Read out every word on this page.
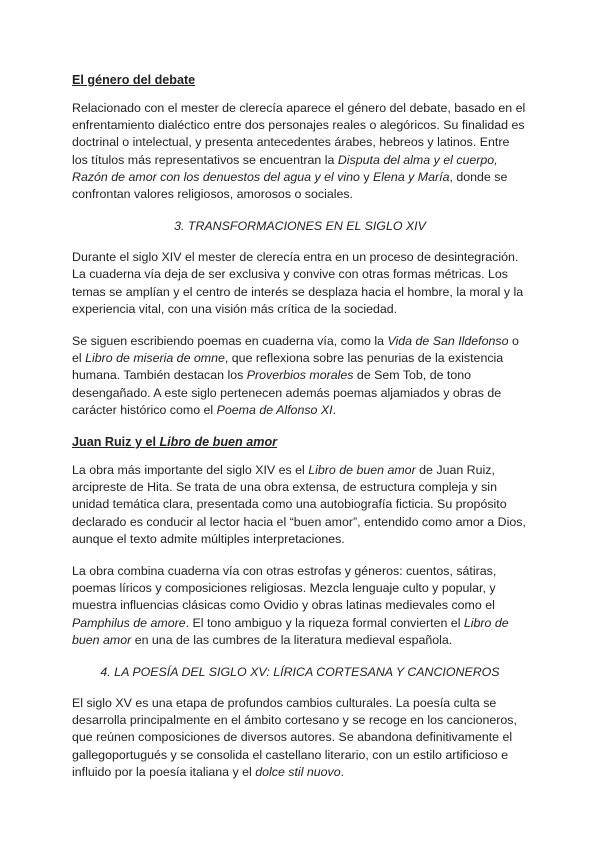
El género del debate

Relacionado con el mester de clerecía aparece el género del debate, basado en el enfrentamiento dialéctico entre dos personajes reales o alegóricos. Su finalidad es doctrinal o intelectual, y presenta antecedentes árabes, hebreos y latinos. Entre los títulos más representativos se encuentran la Disputa del alma y el cuerpo, Razón de amor con los denuestos del agua y el vino y Elena y María, donde se confrontan valores religiosos, amorosos o sociales.

3. TRANSFORMACIONES EN EL SIGLO XIV

Durante el siglo XIV el mester de clerecía entra en un proceso de desintegración. La cuaderna vía deja de ser exclusiva y convive con otras formas métricas. Los temas se amplían y el centro de interés se desplaza hacia el hombre, la moral y la experiencia vital, con una visión más crítica de la sociedad.

Se siguen escribiendo poemas en cuaderna vía, como la Vida de San Ildefonso o el Libro de miseria de omne, que reflexiona sobre las penurias de la existencia humana. También destacan los Proverbios morales de Sem Tob, de tono desengañado. A este siglo pertenecen además poemas aljamiados y obras de carácter histórico como el Poema de Alfonso XI.

Juan Ruiz y el Libro de buen amor

La obra más importante del siglo XIV es el Libro de buen amor de Juan Ruiz, arcipreste de Hita. Se trata de una obra extensa, de estructura compleja y sin unidad temática clara, presentada como una autobiografía ficticia. Su propósito declarado es conducir al lector hacia el “buen amor”, entendido como amor a Dios, aunque el texto admite múltiples interpretaciones.

La obra combina cuaderna vía con otras estrofas y géneros: cuentos, sátiras, poemas líricos y composiciones religiosas. Mezcla lenguaje culto y popular, y muestra influencias clásicas como Ovidio y obras latinas medievales como el Pamphilus de amore. El tono ambiguo y la riqueza formal convierten el Libro de buen amor en una de las cumbres de la literatura medieval española.

4. LA POESÍA DEL SIGLO XV: LÍRICA CORTESANA Y CANCIONEROS

El siglo XV es una etapa de profundos cambios culturales. La poesía culta se desarrolla principalmente en el ámbito cortesano y se recoge en los cancioneros, que reúnen composiciones de diversos autores. Se abandona definitivamente el gallegoportugués y se consolida el castellano literario, con un estilo artificioso e influido por la poesía italiana y el dolce stil nuovo.
